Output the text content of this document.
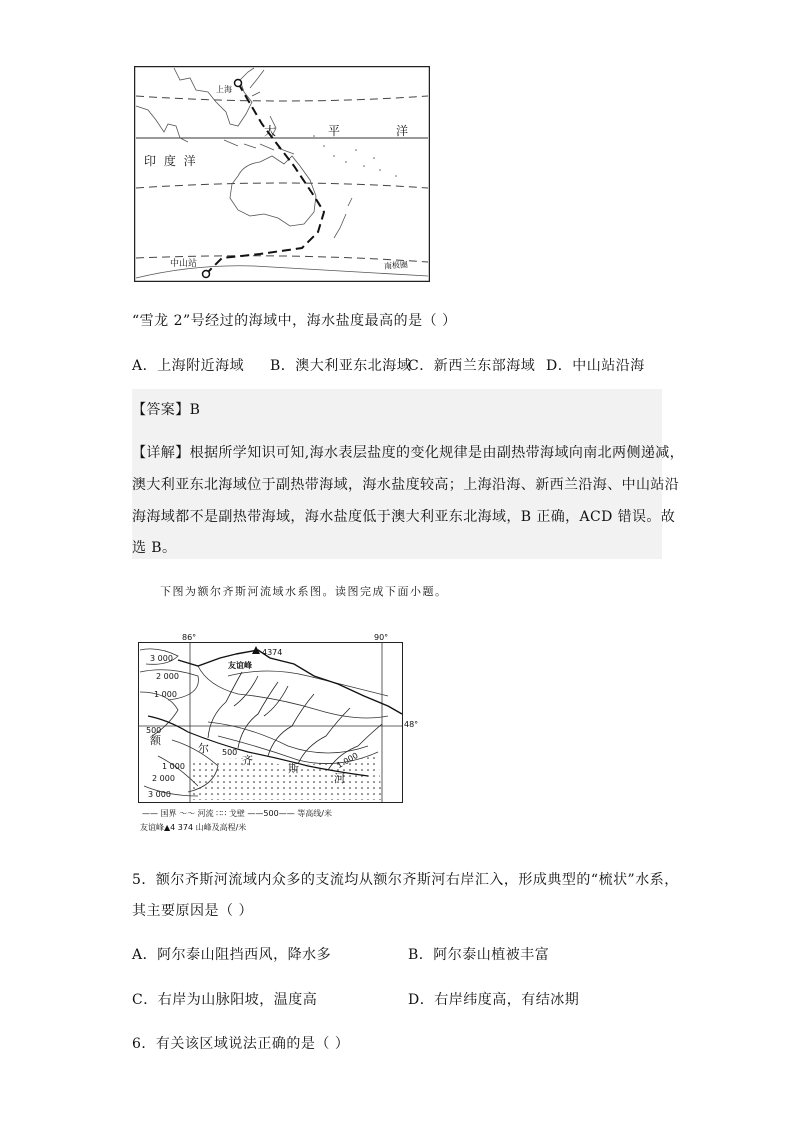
上海
太	平	洋
印 度 洋
中山站	南极圈
“雪龙 2”号经过的海域中，海水盐度最高的是（ ）
A．上海附近海域 B．澳大利亚东北海域
C．新西兰东部海域 D．中山站沿海
【答案】B
【详解】根据所学知识可知,海水表层盐度的变化规律是由副热带海域向南北两侧递减，
澳大利亚东北海域位于副热带海域，海水盐度较高；上海沿海、新西兰沿海、中山站沿
海海域都不是副热带海域，海水盐度低于澳大利亚东北海域，B 正确，ACD 错误。故
选 B。
下图为额尔齐斯河流域水系图。读图完成下面小题。
86°	90°
48°
友谊峰
4374
3 000
2 000
1 000
500
500
1 000
2 000
3 000
1 000
额
尔
齐
斯
河
—— 国界 ～～ 河流 ∷∷ 戈壁 ——500—— 等高线/米
友谊峰▲4 374 山峰及高程/米
5．额尔齐斯河流域内众多的支流均从额尔齐斯河右岸汇入，形成典型的“梳状”水系，
其主要原因是（ ）
A．阿尔泰山阻挡西风，降水多	B．阿尔泰山植被丰富
C．右岸为山脉阳坡，温度高	D．右岸纬度高，有结冰期
6．有关该区域说法正确的是（ ）
